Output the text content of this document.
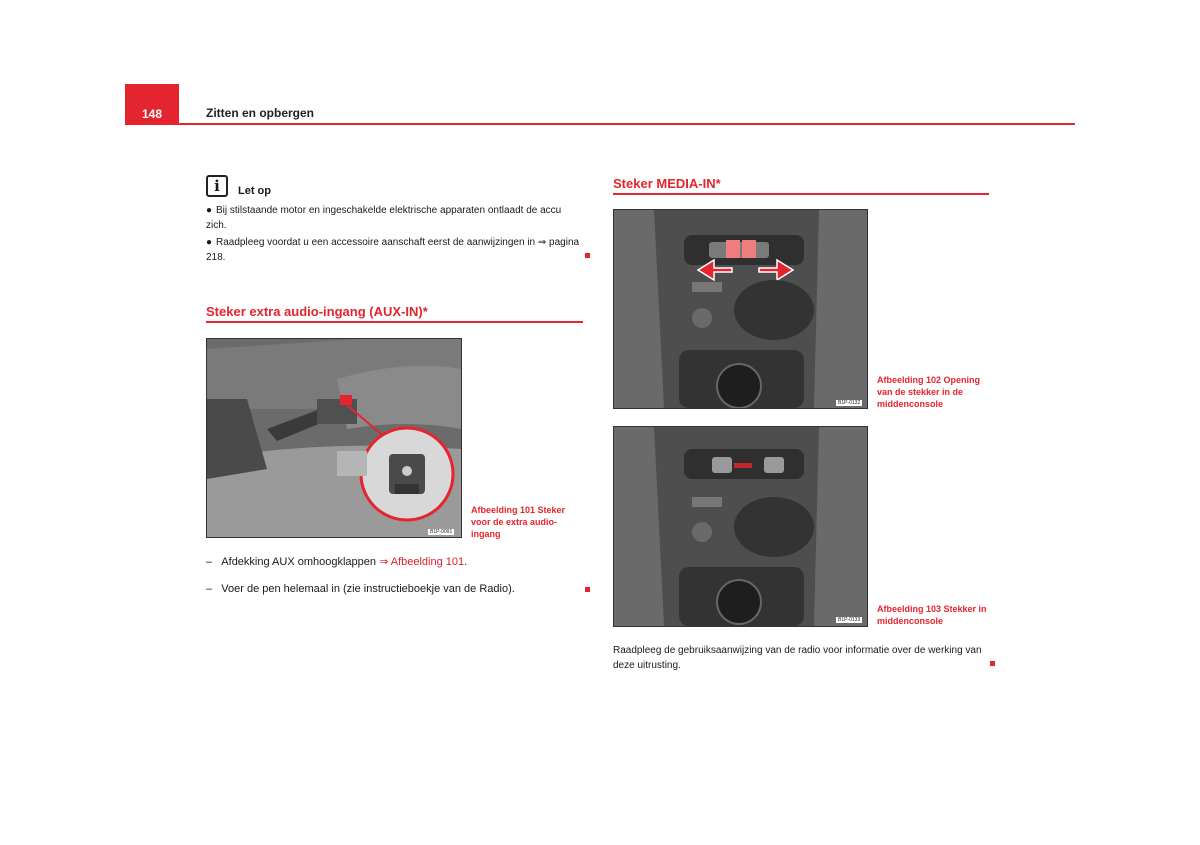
148	Zitten en opbergen
i	Let op
● Bij stilstaande motor en ingeschakelde elektrische apparaten ontlaadt de accu zich.
● Raadpleeg voordat u een accessoire aanschaft eerst de aanwijzingen in ⇒ pagina 218.
Steker extra audio-ingang (AUX-IN)*
B1P-0091
Afbeelding 101 Steker voor de extra audio-ingang
–   Afdekking AUX omhoogklappen ⇒ Afbeelding 101.
–   Voer de pen helemaal in (zie instructieboekje van de Radio).
Steker MEDIA-IN*
B1P-0132
Afbeelding 102 Opening van de stekker in de middenconsole
B1P-0133
Afbeelding 103 Stekker in middenconsole
Raadpleeg de gebruiksaanwijzing van de radio voor informatie over de werking van deze uitrusting.
